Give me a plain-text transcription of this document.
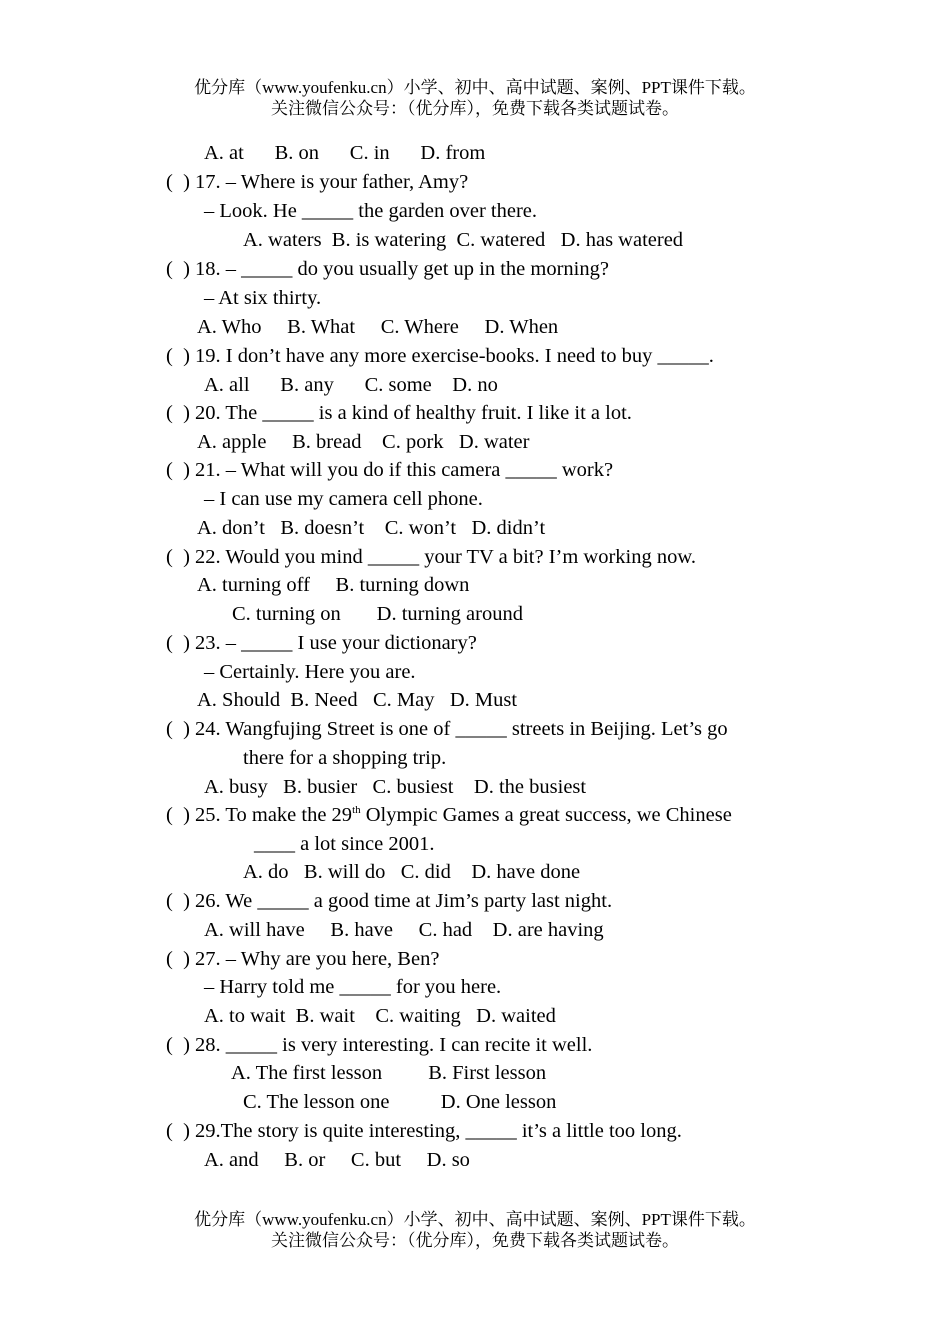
优分库（www.youfenku.cn）小学、初中、高中试题、案例、PPT课件下载。
关注微信公众号：（优分库），免费下载各类试题试卷。
A. at      B. on      C. in      D. from
(  ) 17. – Where is your father, Amy?
– Look. He _____ the garden over there.
A. waters  B. is watering  C. watered   D. has watered
(  ) 18. – _____ do you usually get up in the morning?
– At six thirty.
A. Who     B. What     C. Where     D. When
(  ) 19. I don’t have any more exercise-books. I need to buy _____.
A. all      B. any      C. some    D. no
(  ) 20. The _____ is a kind of healthy fruit. I like it a lot.
A. apple     B. bread    C. pork   D. water
(  ) 21. – What will you do if this camera _____ work?
– I can use my camera cell phone.
A. don’t   B. doesn’t    C. won’t   D. didn’t
(  ) 22. Would you mind _____ your TV a bit? I’m working now.
A. turning off     B. turning down
C. turning on       D. turning around
(  ) 23. – _____ I use your dictionary?
– Certainly. Here you are.
A. Should  B. Need   C. May   D. Must
(  ) 24. Wangfujing Street is one of _____ streets in Beijing. Let’s go
there for a shopping trip.
A. busy   B. busier   C. busiest    D. the busiest
(  ) 25. To make the 29th Olympic Games a great success, we Chinese
____ a lot since 2001.
A. do   B. will do   C. did    D. have done
(  ) 26. We _____ a good time at Jim’s party last night.
A. will have     B. have     C. had    D. are having
(  ) 27. – Why are you here, Ben?
– Harry told me _____ for you here.
A. to wait  B. wait    C. waiting   D. waited
(  ) 28. _____ is very interesting. I can recite it well.
A. The first lesson         B. First lesson
C. The lesson one          D. One lesson
(  ) 29.The story is quite interesting, _____ it’s a little too long.
A. and     B. or     C. but     D. so
优分库（www.youfenku.cn）小学、初中、高中试题、案例、PPT课件下载。
关注微信公众号：（优分库），免费下载各类试题试卷。
